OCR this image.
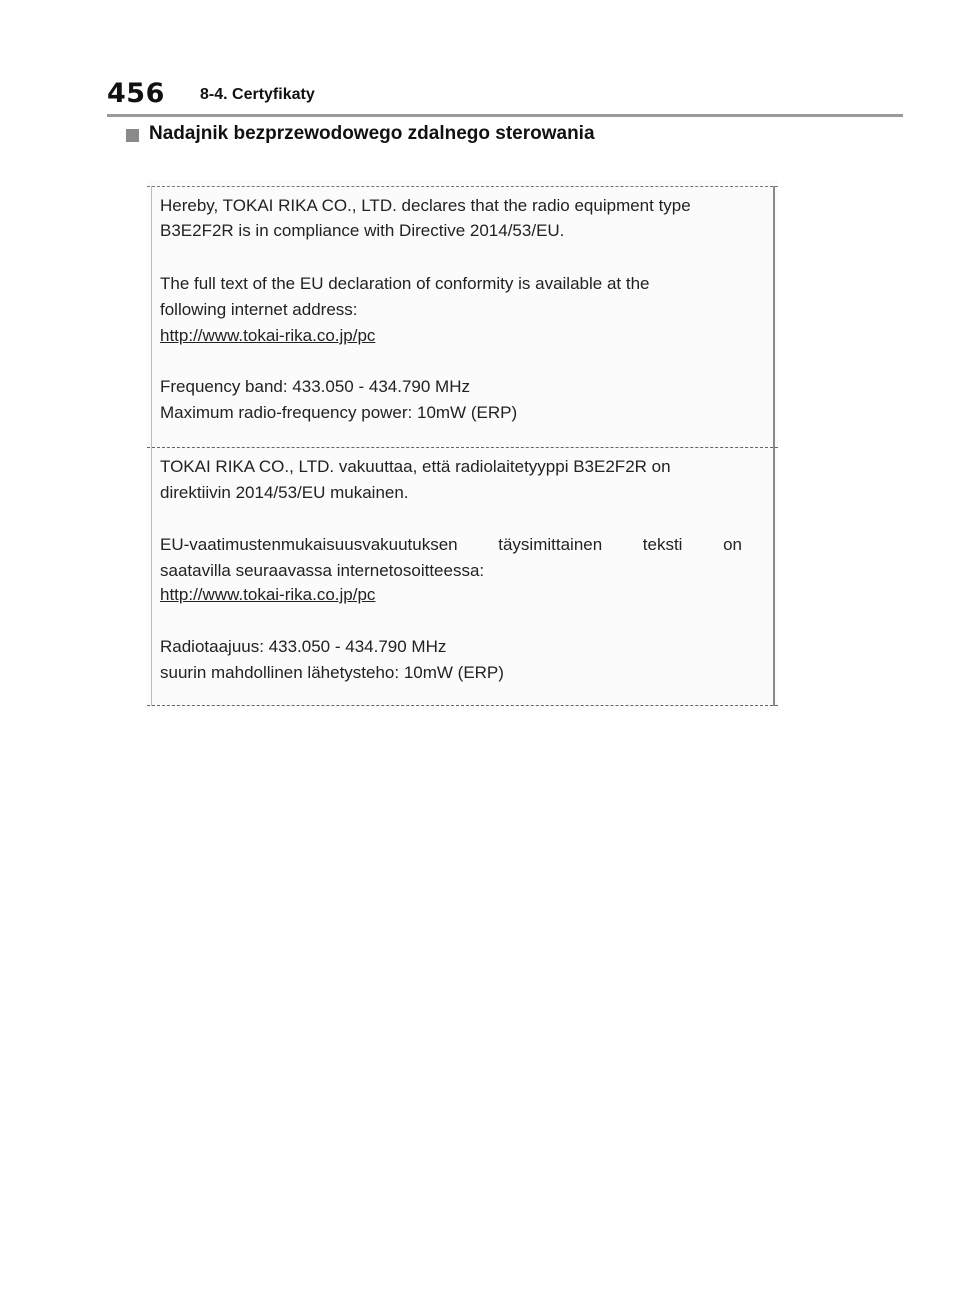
456 8-4. Certyfikaty
Nadajnik bezprzewodowego zdalnego sterowania
Hereby, TOKAI RIKA CO., LTD. declares that the radio equipment type
B3E2F2R is in compliance with Directive 2014/53/EU.
The full text of the EU declaration of conformity is available at the
following internet address:
http://www.tokai-rika.co.jp/pc
Frequency band: 433.050 - 434.790 MHz
Maximum radio-frequency power: 10mW (ERP)
TOKAI RIKA CO., LTD. vakuuttaa, että radiolaitetyyppi B3E2F2R on
direktiivin 2014/53/EU mukainen.
EU-vaatimustenmukaisuusvakuutuksen täysimittainen teksti on
saatavilla seuraavassa internetosoitteessa:
http://www.tokai-rika.co.jp/pc
Radiotaajuus: 433.050 - 434.790 MHz
suurin mahdollinen lähetysteho: 10mW (ERP)
